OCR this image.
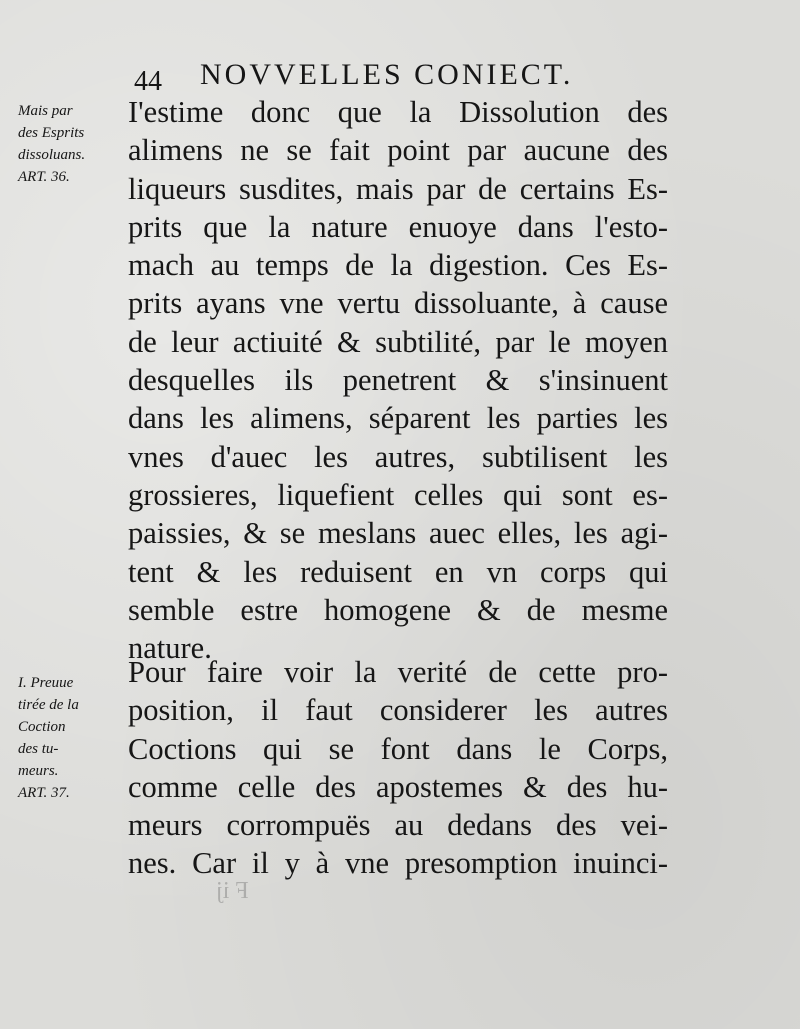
44 NOVVELLES CONIECT.
Mais par
des Esprits
dissoluans.
ART. 36.
I'estime donc que la Dissolution des
alimens ne se fait point par aucune des
liqueurs susdites, mais par de certains Es-
prits que la nature enuoye dans l'esto-
mach au temps de la digestion. Ces Es-
prits ayans vne vertu dissoluante, à cause
de leur actiuité & subtilité, par le moyen
desquelles ils penetrent & s'insinuent
dans les alimens, séparent les parties les
vnes d'auec les autres, subtilisent les
grossieres, liquefient celles qui sont es-
paissies, & se meslans auec elles, les agi-
tent & les reduisent en vn corps qui
semble estre homogene & de mesme
nature.
I. Preuue
tirée de la
Coction
des tu-
meurs.
ART. 37.
Pour faire voir la verité de cette pro-
position, il faut considerer les autres
Coctions qui se font dans le Corps,
comme celle des apostemes & des hu-
meurs corrompuës au dedans des vei-
nes. Car il y à vne presomption inuinci-
F ij
